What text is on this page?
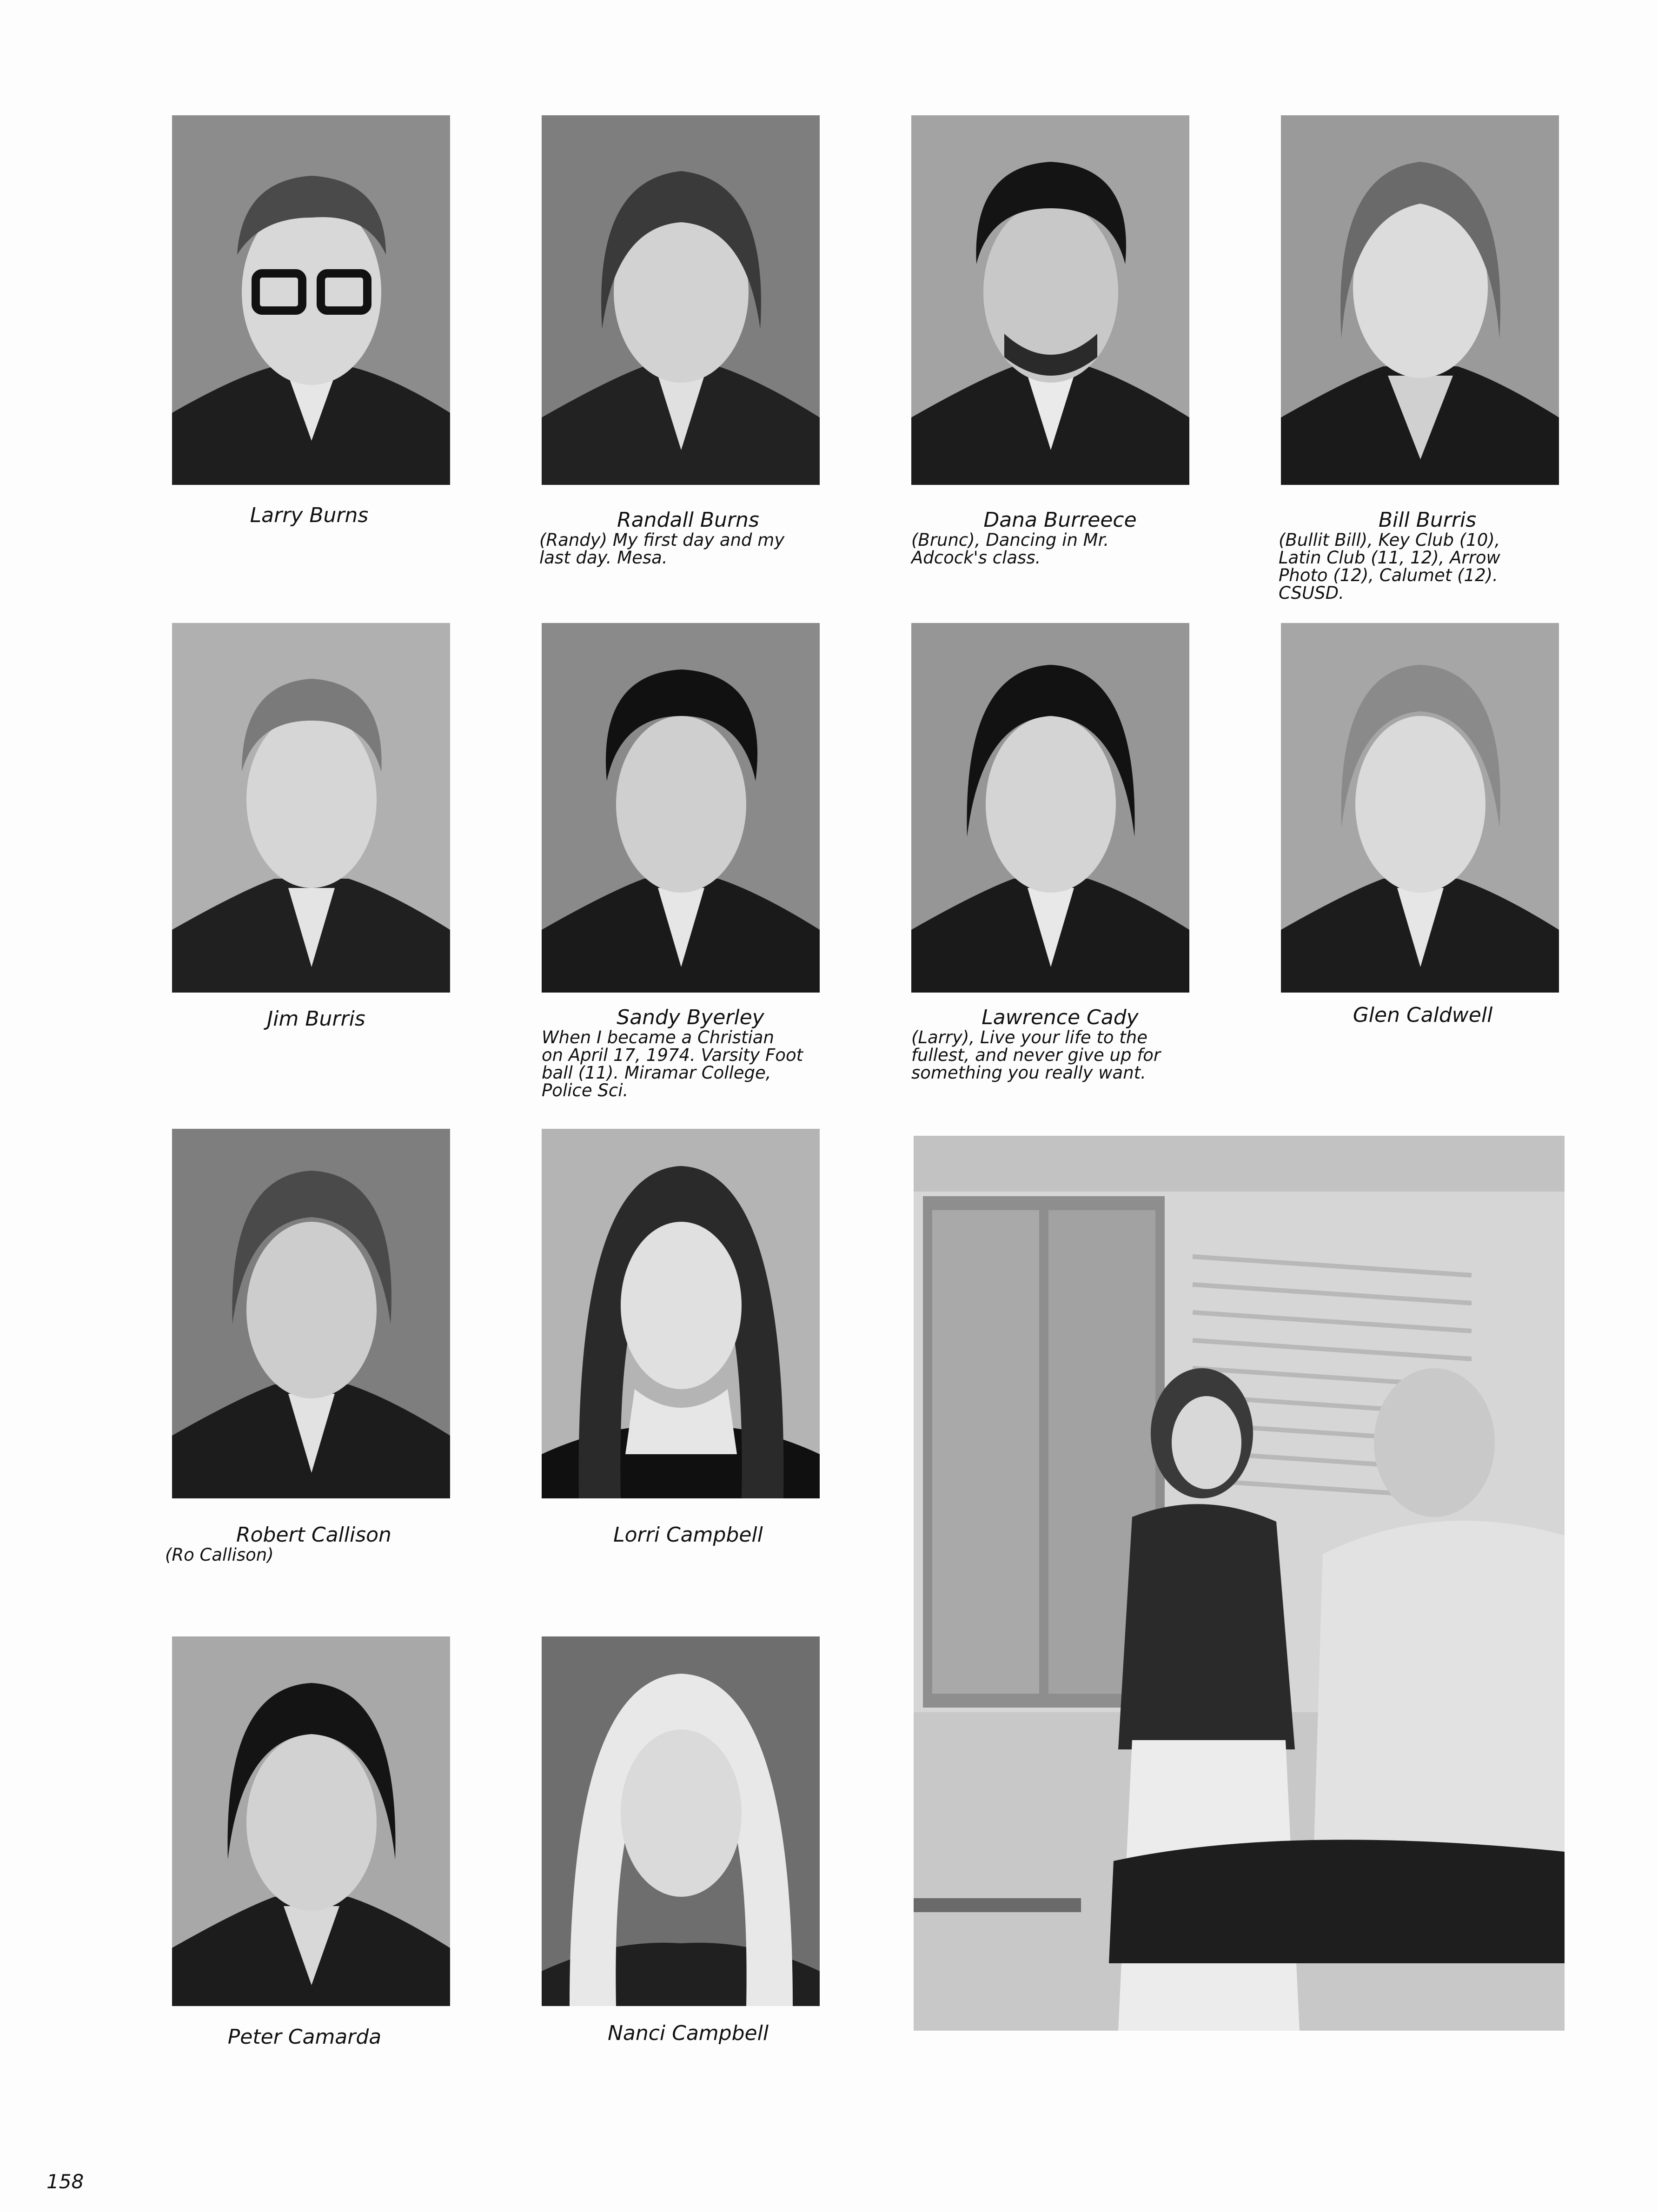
Larry Burns	Randall Burns
(Randy) My first day and my
last day. Mesa.
Dana Burreece
(Brunc), Dancing in Mr.
Adcock's class.
Bill Burris
(Bullit Bill), Key Club (10),
Latin Club (11, 12), Arrow
Photo (12), Calumet (12).
CSUSD.
Jim Burris	Sandy Byerley
When I became a Christian
on April 17, 1974. Varsity Foot
ball (11). Miramar College,
Police Sci.
Lawrence Cady
(Larry), Live your life to the
fullest, and never give up for
something you really want.
Glen Caldwell
Robert Callison
(Ro Callison)
Lorri Campbell
Peter Camarda	Nanci Campbell
158
